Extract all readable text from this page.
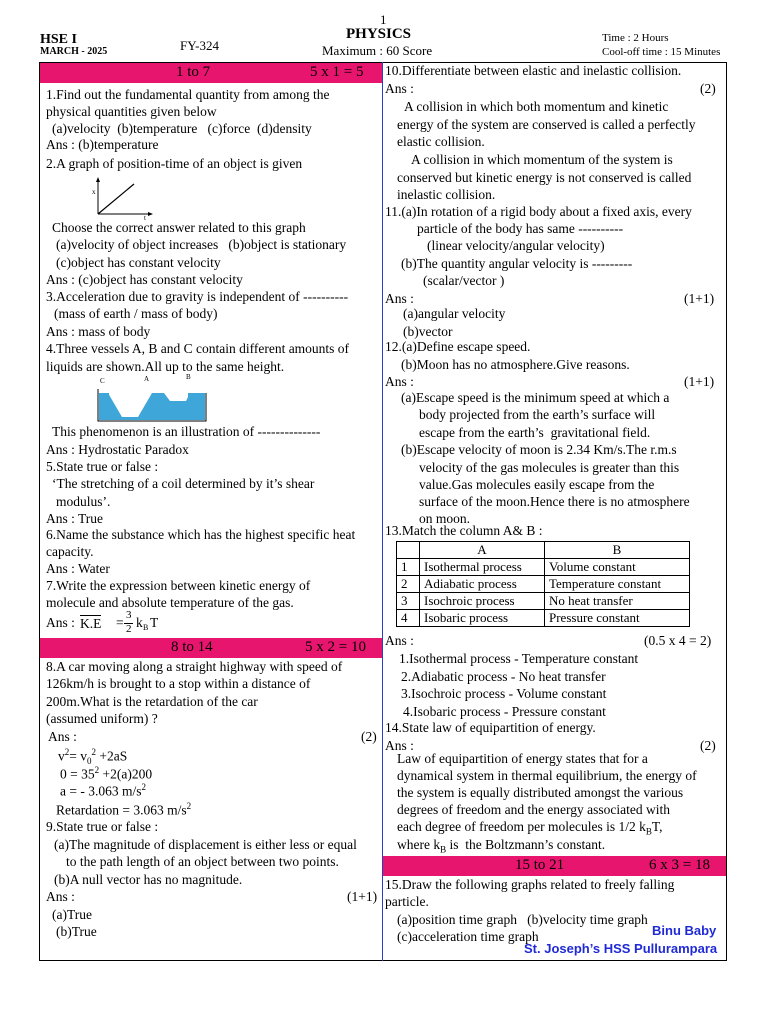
1
HSE I
MARCH - 2025	FY-324
PHYSICS
Maximum : 60 Score
Time : 2 Hours
Cool-off time : 15 Minutes
1 to 7	5 x 1 = 5
8 to 14	5 x 2 = 10
15 to 21	6 x 3 = 18
1.Find out the fundamental quantity from among the
physical quantities given below
(a)velocity  (b)temperature   (c)force  (d)density
Ans : (b)temperature
2.A graph of position-time of an object is given
x
t
Choose the correct answer related to this graph
(a)velocity of object increases   (b)object is stationary
(c)object has constant velocity
Ans : (c)object has constant velocity
3.Acceleration due to gravity is independent of ----------
(mass of earth / mass of body)
Ans : mass of body
4.Three vessels A, B and C contain different amounts of
liquids are shown.All up to the same height.
C	A	B
This phenomenon is an illustration of --------------
Ans : Hydrostatic Paradox
5.State true or false :
‘The stretching of a coil determined by it’s shear
modulus’.
Ans : True
6.Name the substance which has the highest specific heat
capacity.
Ans : Water
7.Write the expression between kinetic energy of
molecule and absolute temperature of the gas.
Ans : K.E = 3
2 k B T
8.A car moving along a straight highway with speed of
126km/h is brought to a stop within a distance of
200m.What is the retardation of the car
(assumed uniform) ?
Ans :	(2)
$v^2= v_0^2 +2aS$
$0 = 35^2 +2(a)200$
a = - 3.063 $m/s^2$
Retardation = 3.063 $m/s^2$
9.State true or false :
(a)The magnitude of displacement is either less or equal
to the path length of an object between two points.
(b)A null vector has no magnitude.
Ans :	(1+1)
(a)True
(b)True
10.Differentiate between elastic and inelastic collision.
Ans :	(2)
A collision in which both momentum and kinetic
energy of the system are conserved is called a perfectly
elastic collision.
A collision in which momentum of the system is
conserved but kinetic energy is not conserved is called
inelastic collision.
11.(a)In rotation of a rigid body about a fixed axis, every
particle of the body has same ----------
(linear velocity/angular velocity)
(b)The quantity angular velocity is ---------
(scalar/vector )
Ans :	(1+1)
(a)angular velocity
(b)vector
12.(a)Define escape speed.
(b)Moon has no atmosphere.Give reasons.
Ans :	(1+1)
(a)Escape speed is the minimum speed at which a
body projected from the earth’s surface will
escape from the earth’s  gravitational field.
(b)Escape velocity of moon is 2.34 Km/s.The r.m.s
velocity of the gas molecules is greater than this
value.Gas molecules easily escape from the
surface of the moon.Hence there is no atmosphere
on moon.
13.Match the column A& B :
	A	B
1	Isothermal process	Volume constant
2	Adiabatic process	Temperature constant
3	Isochroic process	No heat transfer
4	Isobaric process	Pressure constant
Ans :	(0.5 x 4 = 2)
1.Isothermal process - Temperature constant
2.Adiabatic process - No heat transfer
3.Isochroic process - Volume constant
4.Isobaric process - Pressure constant
14.State law of equipartition of energy.
Ans :	(2)
Law of equipartition of energy states that for a
dynamical system in thermal equilibrium, the energy of
the system is equally distributed amongst the various
degrees of freedom and the energy associated with
each degree of freedom per molecules is 1/2 $k_BT$,
where $k_B$ is  the Boltzmann’s constant.
15.Draw the following graphs related to freely falling
particle.
(a)position time graph   (b)velocity time graph
(c)acceleration time graph	Binu Baby
St. Joseph’s HSS Pullurampara
